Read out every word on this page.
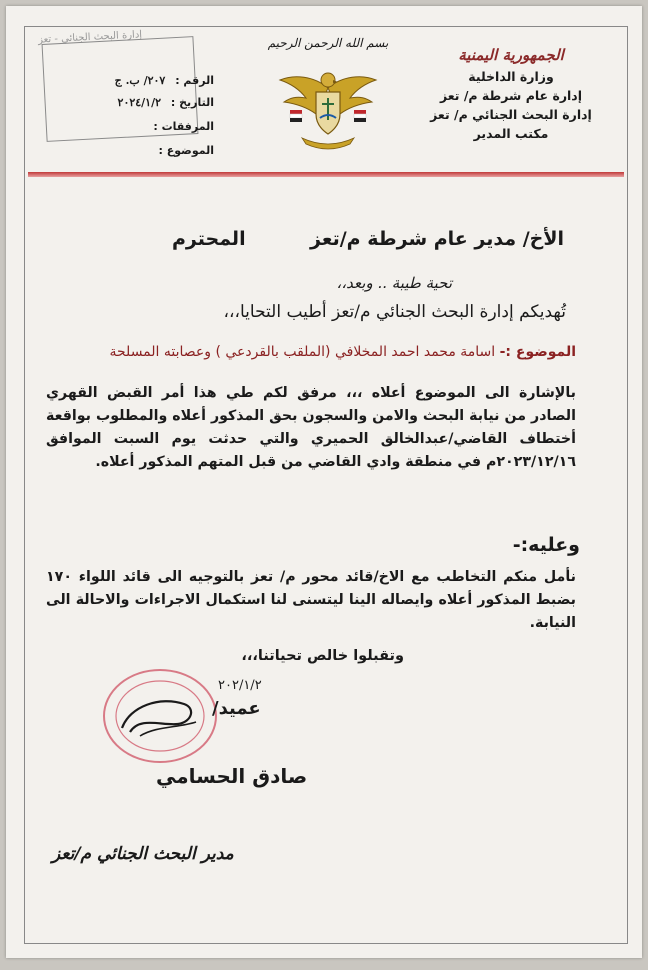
الجمهورية اليمنية
وزارة الداخلية
إدارة عام شرطة م/ تعز
إدارة البحث الجنائي م/ تعز
مكتب المدير
بسم الله الرحمن الرحيم
إدارة البحث الجنائي - تعز
الرقم : ٢٠٧/ ب. ج
التاريخ : ٢٠٢٤/١/٢
المرفقات :
الموضوع :
الأخ/ مدير عام شرطة م/تعز
المحترم
تحية طيبة .. وبعد،،
تُهديكم إدارة البحث الجنائي م/تعز أطيب التحايا،،،
الموضوع :- اسامة محمد احمد المخلافي (الملقب بالقردعي ) وعصابته المسلحة
بالإشارة الى الموضوع أعلاه ،،، مرفق لكم طي هذا أمر القبض القهري الصادر من نيابة البحث والامن والسجون بحق المذكور أعلاه والمطلوب بواقعة أختطاف القاضي/عبدالخالق الحميري والتي حدثت يوم السبت الموافق ٢٠٢٣/١٢/١٦م في منطقة وادي القاضي من قبل المتهم المذكور أعلاه.
وعليه:-
نأمل منكم التخاطب مع الاخ/قائد محور م/ تعز بالتوجيه الى قائد اللواء ١٧٠ بضبط المذكور أعلاه وايصاله الينا ليتسنى لنا استكمال الاجراءات والاحالة الى النيابة.
وتقبلوا خالص تحياتنا،،،
٢٠٢/١/٢
عميد/
صادق الحسامي
مدير البحث الجنائي م/تعز
